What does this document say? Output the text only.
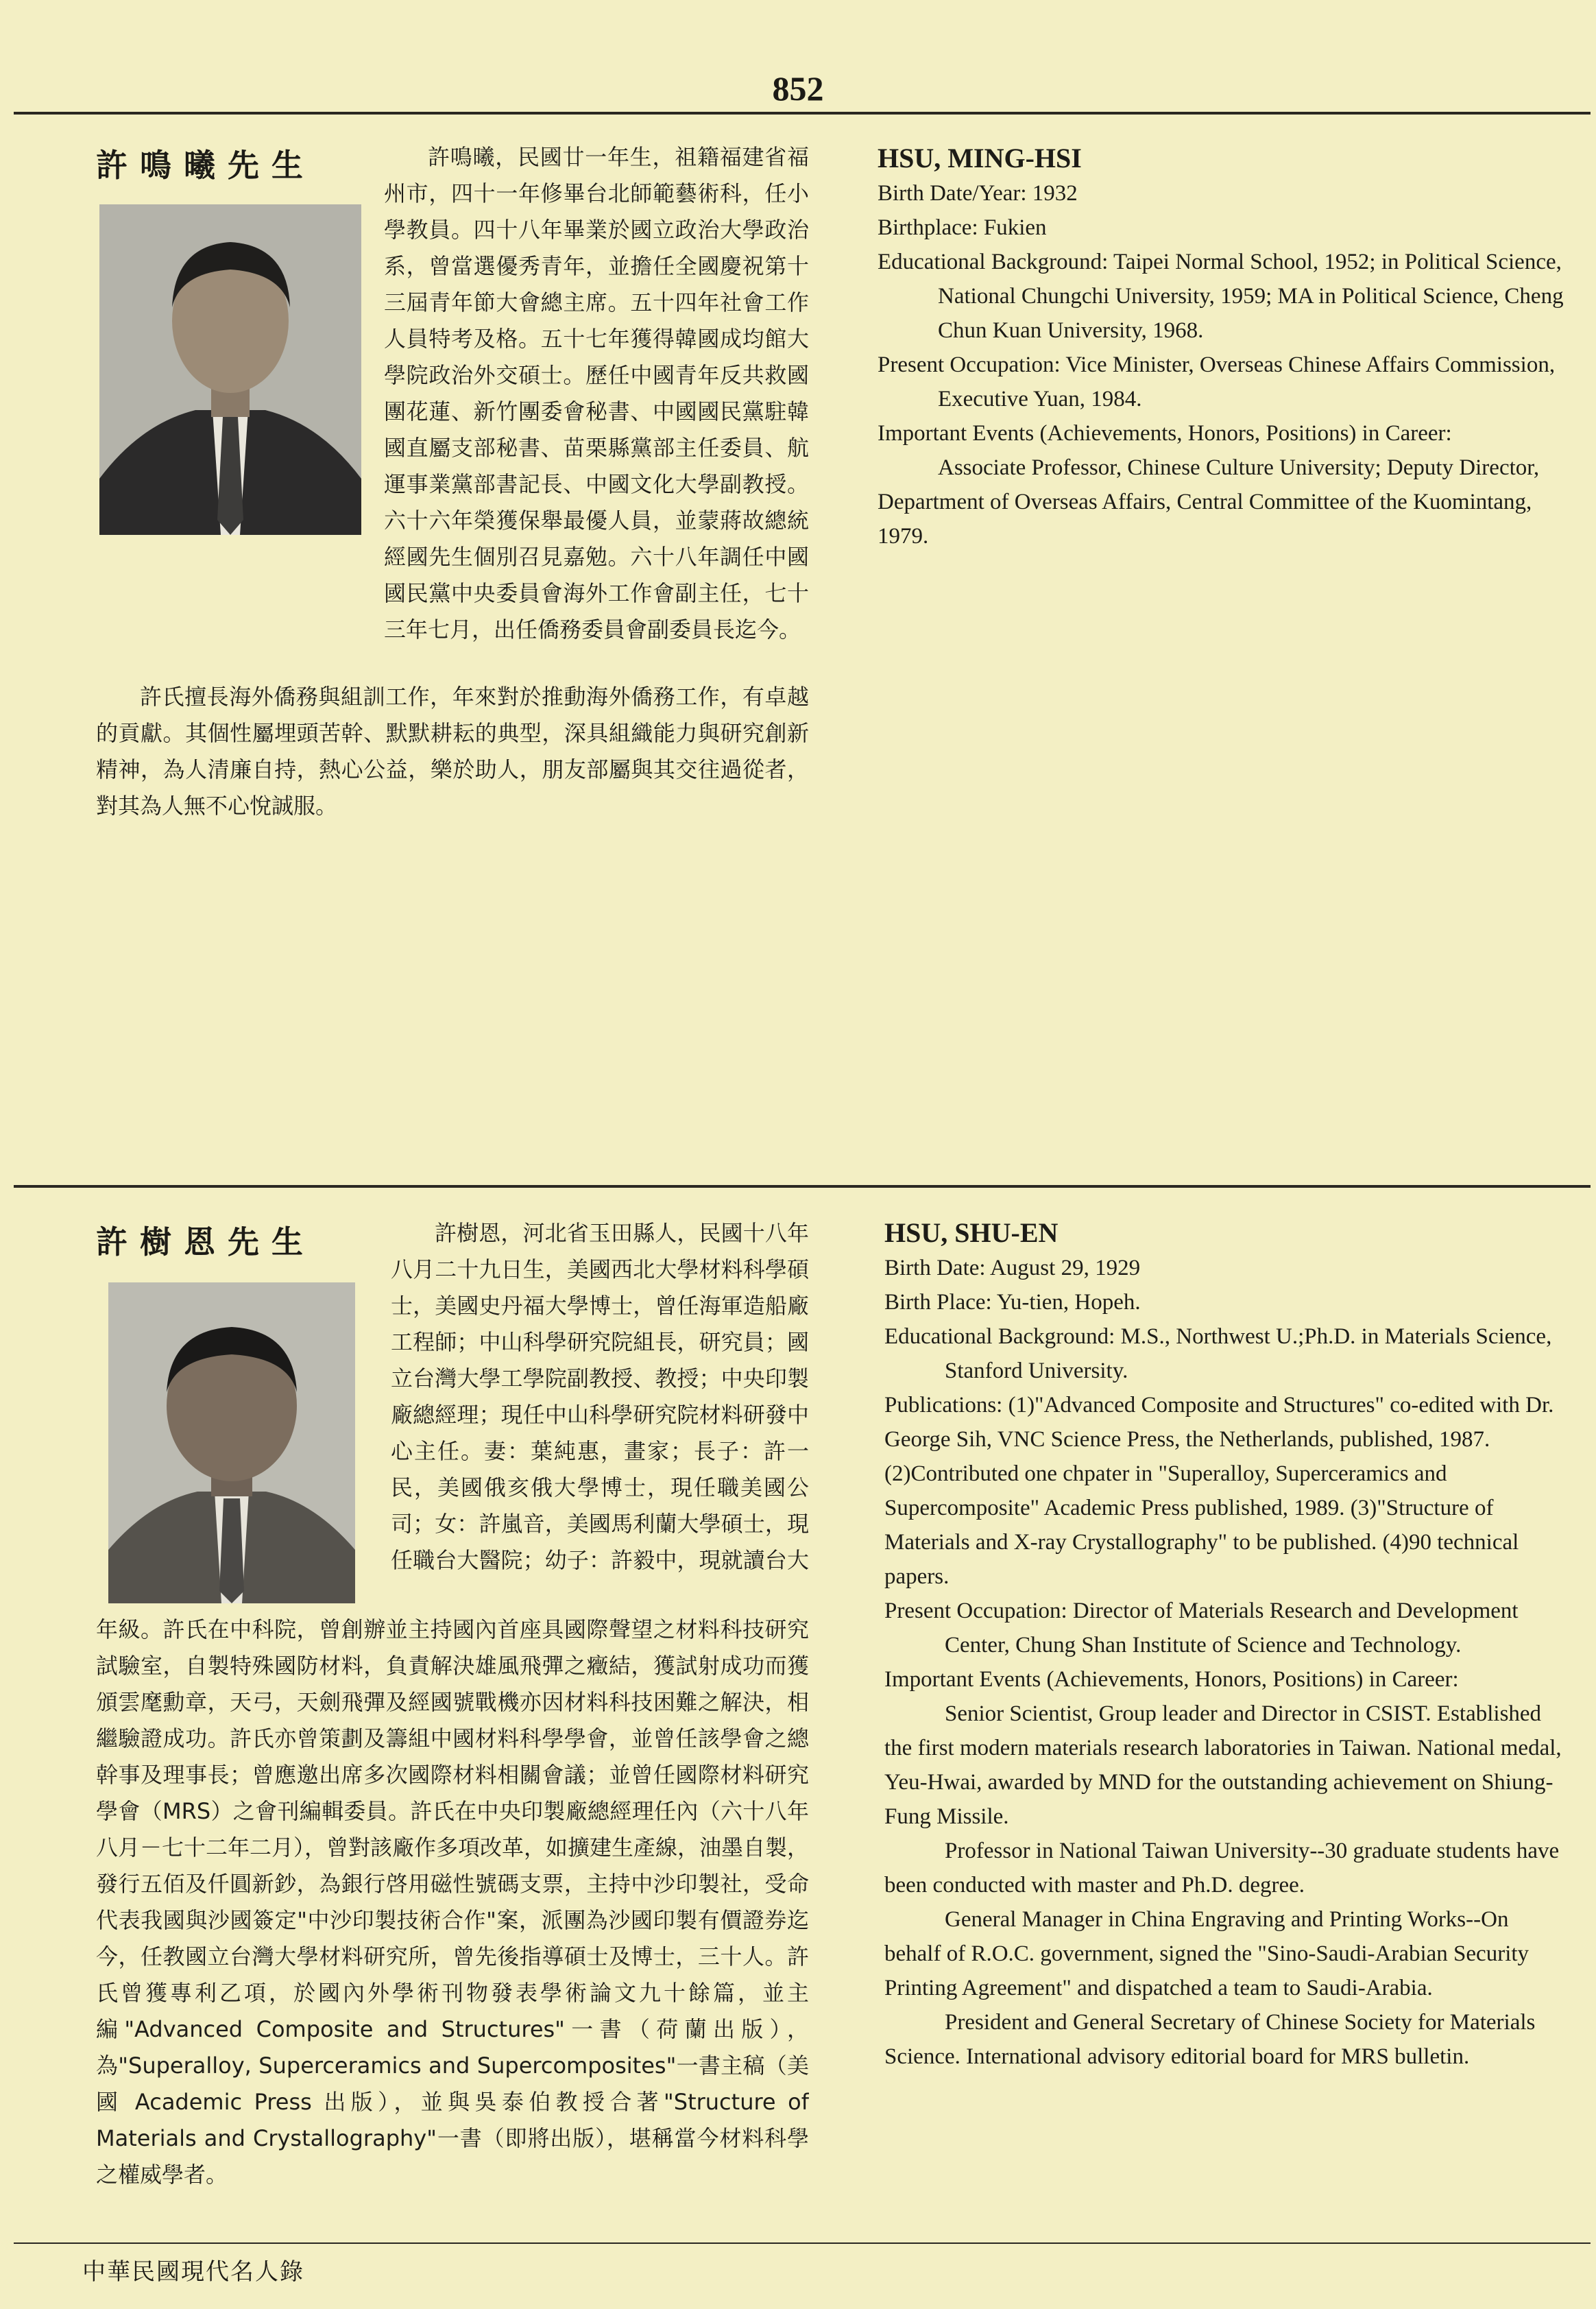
852
許鳴曦先生	許鳴曦，民國廿一年生，祖籍福建省福州市，四十一年修畢台北師範藝術科，任小學教員。四十八年畢業於國立政治大學政治系，曾當選優秀青年，並擔任全國慶祝第十三屆青年節大會總主席。五十四年社會工作人員特考及格。五十七年獲得韓國成均館大學院政治外交碩士。歷任中國青年反共救國團花蓮、新竹團委會秘書、中國國民黨駐韓國直屬支部秘書、苗栗縣黨部主任委員、航運事業黨部書記長、中國文化大學副教授。六十六年榮獲保舉最優人員，並蒙蔣故總統經國先生個別召見嘉勉。六十八年調任中國國民黨中央委員會海外工作會副主任，七十三年七月，出任僑務委員會副委員長迄今。

許氏擅長海外僑務與組訓工作，年來對於推動海外僑務工作，有卓越的貢獻。其個性屬埋頭苦幹、默默耕耘的典型，深具組織能力與研究創新精神，為人清廉自持，熱心公益，樂於助人，朋友部屬與其交往過從者，對其為人無不心悅誠服。

HSU, MING-HSI

Birth Date/Year: 1932

Birthplace: Fukien

Educational Background: Taipei Normal School, 1952; in Political Science, National Chungchi University, 1959; MA in Political Science, Cheng Chun Kuan University, 1968.

Present Occupation: Vice Minister, Overseas Chinese Affairs Commission, Executive Yuan, 1984.

Important Events (Achievements, Honors, Positions) in Career:

Associate Professor, Chinese Culture University; Deputy Director, Department of Overseas Affairs, Central Committee of the Kuomintang, 1979.

許樹恩先生	許樹恩，河北省玉田縣人，民國十八年八月二十九日生，美國西北大學材料科學碩士，美國史丹福大學博士，曾任海軍造船廠工程師；中山科學研究院組長，研究員；國立台灣大學工學院副教授、教授；中央印製廠總經理；現任中山科學研究院材料研發中心主任。妻：葉純惠，畫家；長子：許一民，美國俄亥俄大學博士，現任職美國公司；女：許嵐音，美國馬利蘭大學碩士，現任職台大醫院；幼子：許毅中，現就讀台大

年級。許氏在中科院，曾創辦並主持國內首座具國際聲望之材料科技研究試驗室，自製特殊國防材料，負責解決雄風飛彈之癥結，獲試射成功而獲頒雲麾勳章，天弓，天劍飛彈及經國號戰機亦因材料科技困難之解決，相繼驗證成功。許氏亦曾策劃及籌組中國材料科學學會，並曾任該學會之總幹事及理事長；曾應邀出席多次國際材料相關會議；並曾任國際材料研究學會（MRS）之會刊編輯委員。許氏在中央印製廠總經理任內（六十八年八月－七十二年二月），曾對該廠作多項改革，如擴建生產線，油墨自製，發行五佰及仟圓新鈔，為銀行啓用磁性號碼支票，主持中沙印製社，受命代表我國與沙國簽定"中沙印製技術合作"案，派團為沙國印製有價證券迄今，任教國立台灣大學材料研究所，曾先後指導碩士及博士，三十人。許氏曾獲專利乙項，於國內外學術刊物發表學術論文九十餘篇，並主編"Advanced Composite and Structures"一書（荷蘭出版），為"Superalloy, Superceramics and Supercomposites"一書主稿（美國 Academic Press 出版），並與吳泰伯教授合著"Structure of Materials and Crystallography"一書（即將出版），堪稱當今材料科學之權威學者。

HSU, SHU-EN

Birth Date: August 29, 1929

Birth Place: Yu-tien, Hopeh.

Educational Background: M.S., Northwest U.;Ph.D. in Materials Science, Stanford University.

Publications: (1)"Advanced Composite and Structures" co-edited with Dr. George Sih, VNC Science Press, the Netherlands, published, 1987.

(2)Contributed one chpater in "Superalloy, Superceramics and Supercomposite" Academic Press published, 1989. (3)"Structure of Materials and X-ray Crystallography" to be published. (4)90 technical papers.

Present Occupation: Director of Materials Research and Development Center, Chung Shan Institute of Science and Technology.

Important Events (Achievements, Honors, Positions) in Career:

Senior Scientist, Group leader and Director in CSIST. Established the first modern materials research laboratories in Taiwan. National medal, Yeu-Hwai, awarded by MND for the outstanding achievement on Shiung-Fung Missile.

Professor in National Taiwan University--30 graduate students have been conducted with master and Ph.D. degree.

General Manager in China Engraving and Printing Works--On behalf of R.O.C. government, signed the "Sino-Saudi-Arabian Security Printing Agreement" and dispatched a team to Saudi-Arabia.

President and General Secretary of Chinese Society for Materials Science. International advisory editorial board for MRS bulletin.

中華民國現代名人錄
